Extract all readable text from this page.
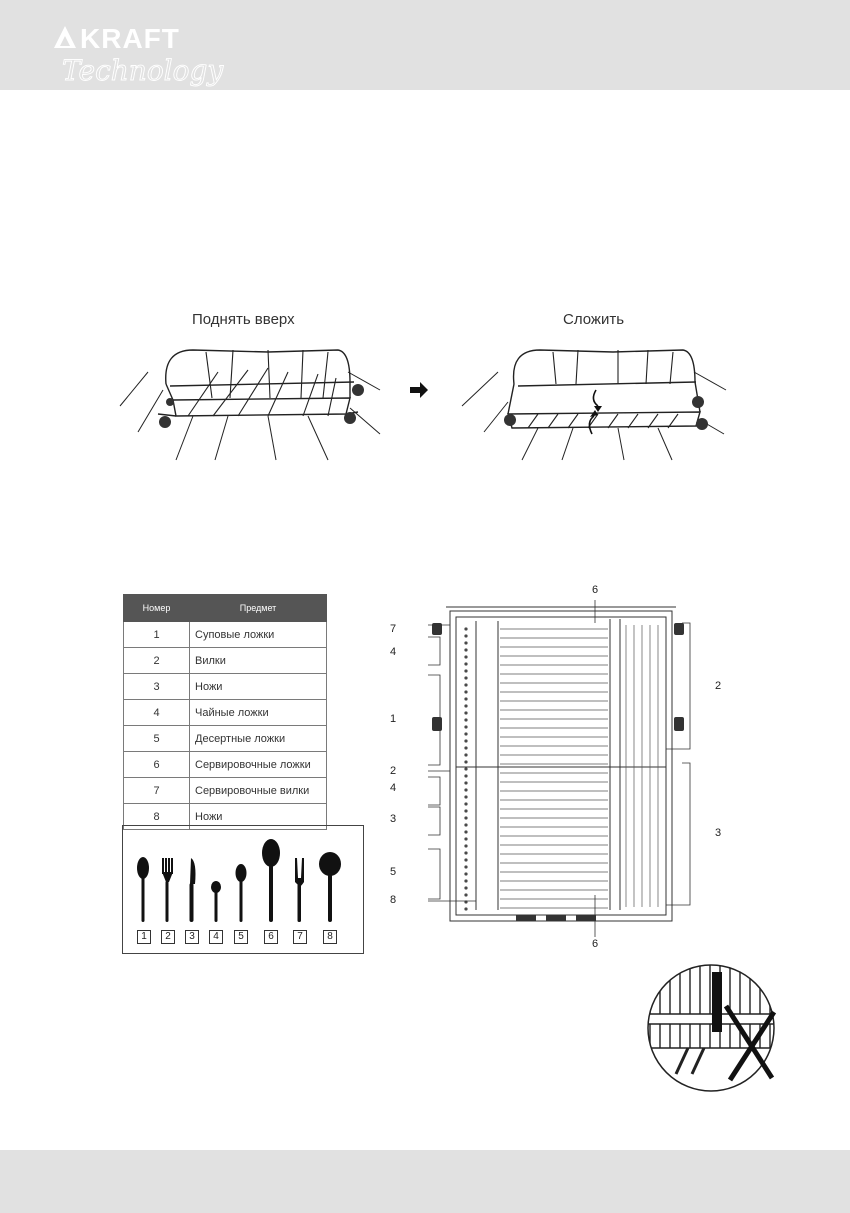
KRAFT
Technology
Поднять вверх	Сложить
Номер	Предмет
1	Суповые ложки
2	Вилки
3	Ножи
4	Чайные ложки
5	Десертные ложки
6	Сервировочные ложки
7	Сервировочные вилки
8	Ножи
1	2	3	4	5	6	7	8
6
7
4
1
2
4
3
5
8
6
2
3
